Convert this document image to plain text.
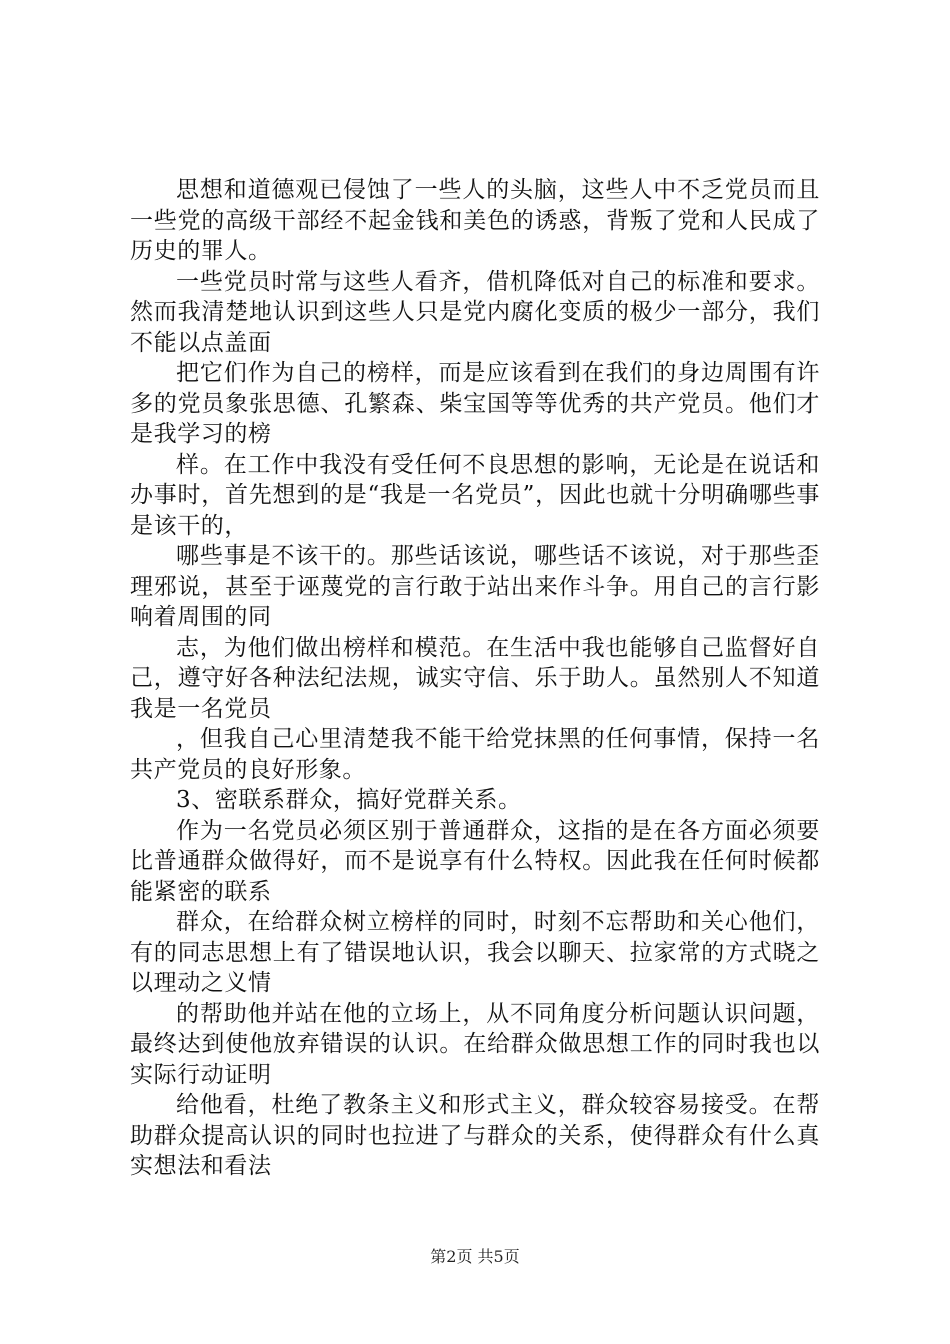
思想和道德观已侵蚀了一些人的头脑，这些人中不乏党员而且一些党的高级干部经不起金钱和美色的诱惑，背叛了党和人民成了历史的罪人。

一些党员时常与这些人看齐，借机降低对自己的标准和要求。然而我清楚地认识到这些人只是党内腐化变质的极少一部分，我们不能以点盖面

把它们作为自己的榜样，而是应该看到在我们的身边周围有许多的党员象张思德、孔繁森、柴宝国等等优秀的共产党员。他们才是我学习的榜

样。在工作中我没有受任何不良思想的影响，无论是在说话和办事时，首先想到的是“我是一名党员”，因此也就十分明确哪些事是该干的，

哪些事是不该干的。那些话该说，哪些话不该说，对于那些歪理邪说，甚至于诬蔑党的言行敢于站出来作斗争。用自己的言行影响着周围的同

志，为他们做出榜样和模范。在生活中我也能够自己监督好自己，遵守好各种法纪法规，诚实守信、乐于助人。虽然别人不知道我是一名党员

，但我自己心里清楚我不能干给党抹黑的任何事情，保持一名共产党员的良好形象。

3、密联系群众，搞好党群关系。

作为一名党员必须区别于普通群众，这指的是在各方面必须要比普通群众做得好，而不是说享有什么特权。因此我在任何时候都能紧密的联系

群众，在给群众树立榜样的同时，时刻不忘帮助和关心他们，有的同志思想上有了错误地认识，我会以聊天、拉家常的方式晓之以理动之义情

的帮助他并站在他的立场上，从不同角度分析问题认识问题，最终达到使他放弃错误的认识。在给群众做思想工作的同时我也以实际行动证明

给他看，杜绝了教条主义和形式主义，群众较容易接受。在帮助群众提高认识的同时也拉进了与群众的关系，使得群众有什么真实想法和看法

第2页 共5页
